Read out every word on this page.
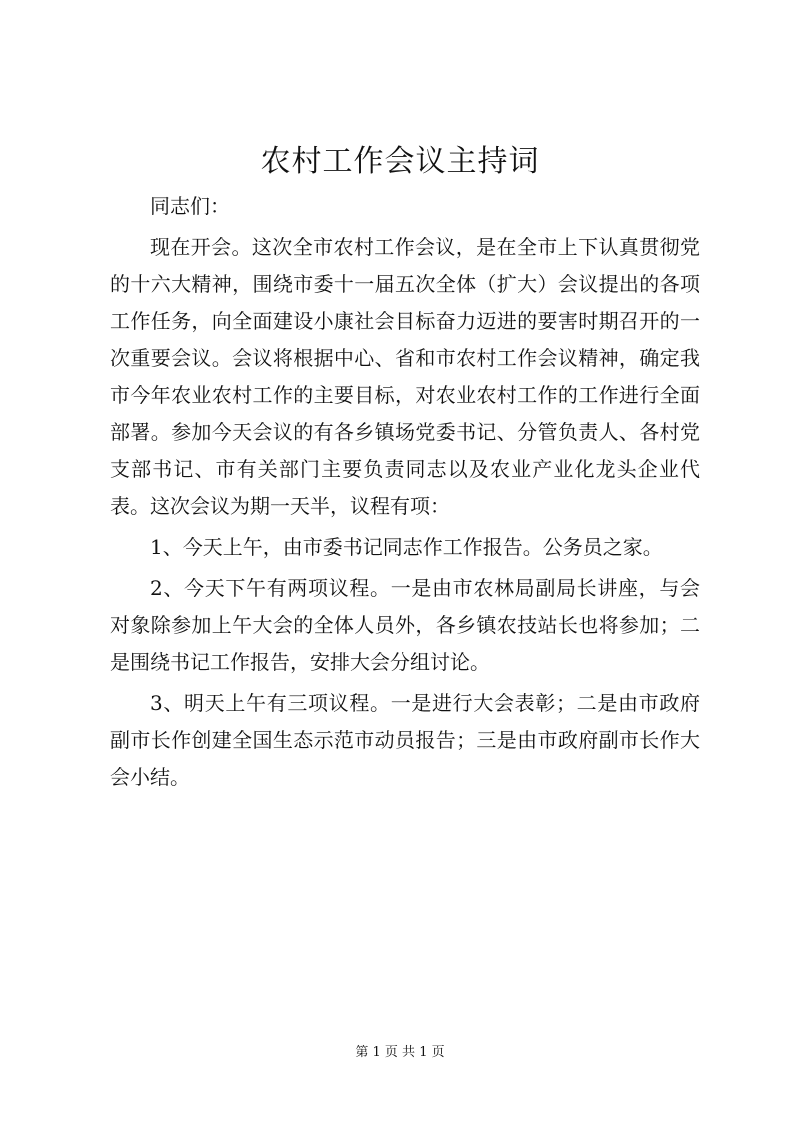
农村工作会议主持词

同志们：

现在开会。这次全市农村工作会议，是在全市上下认真贯彻党的十六大精神，围绕市委十一届五次全体（扩大）会议提出的各项工作任务，向全面建设小康社会目标奋力迈进的要害时期召开的一次重要会议。会议将根据中心、省和市农村工作会议精神，确定我市今年农业农村工作的主要目标，对农业农村工作的工作进行全面部署。参加今天会议的有各乡镇场党委书记、分管负责人、各村党支部书记、市有关部门主要负责同志以及农业产业化龙头企业代表。这次会议为期一天半，议程有项：

1、今天上午，由市委书记同志作工作报告。公务员之家。

2、今天下午有两项议程。一是由市农林局副局长讲座，与会对象除参加上午大会的全体人员外，各乡镇农技站长也将参加；二是围绕书记工作报告，安排大会分组讨论。

3、明天上午有三项议程。一是进行大会表彰；二是由市政府副市长作创建全国生态示范市动员报告；三是由市政府副市长作大会小结。

第 1 页 共 1 页
